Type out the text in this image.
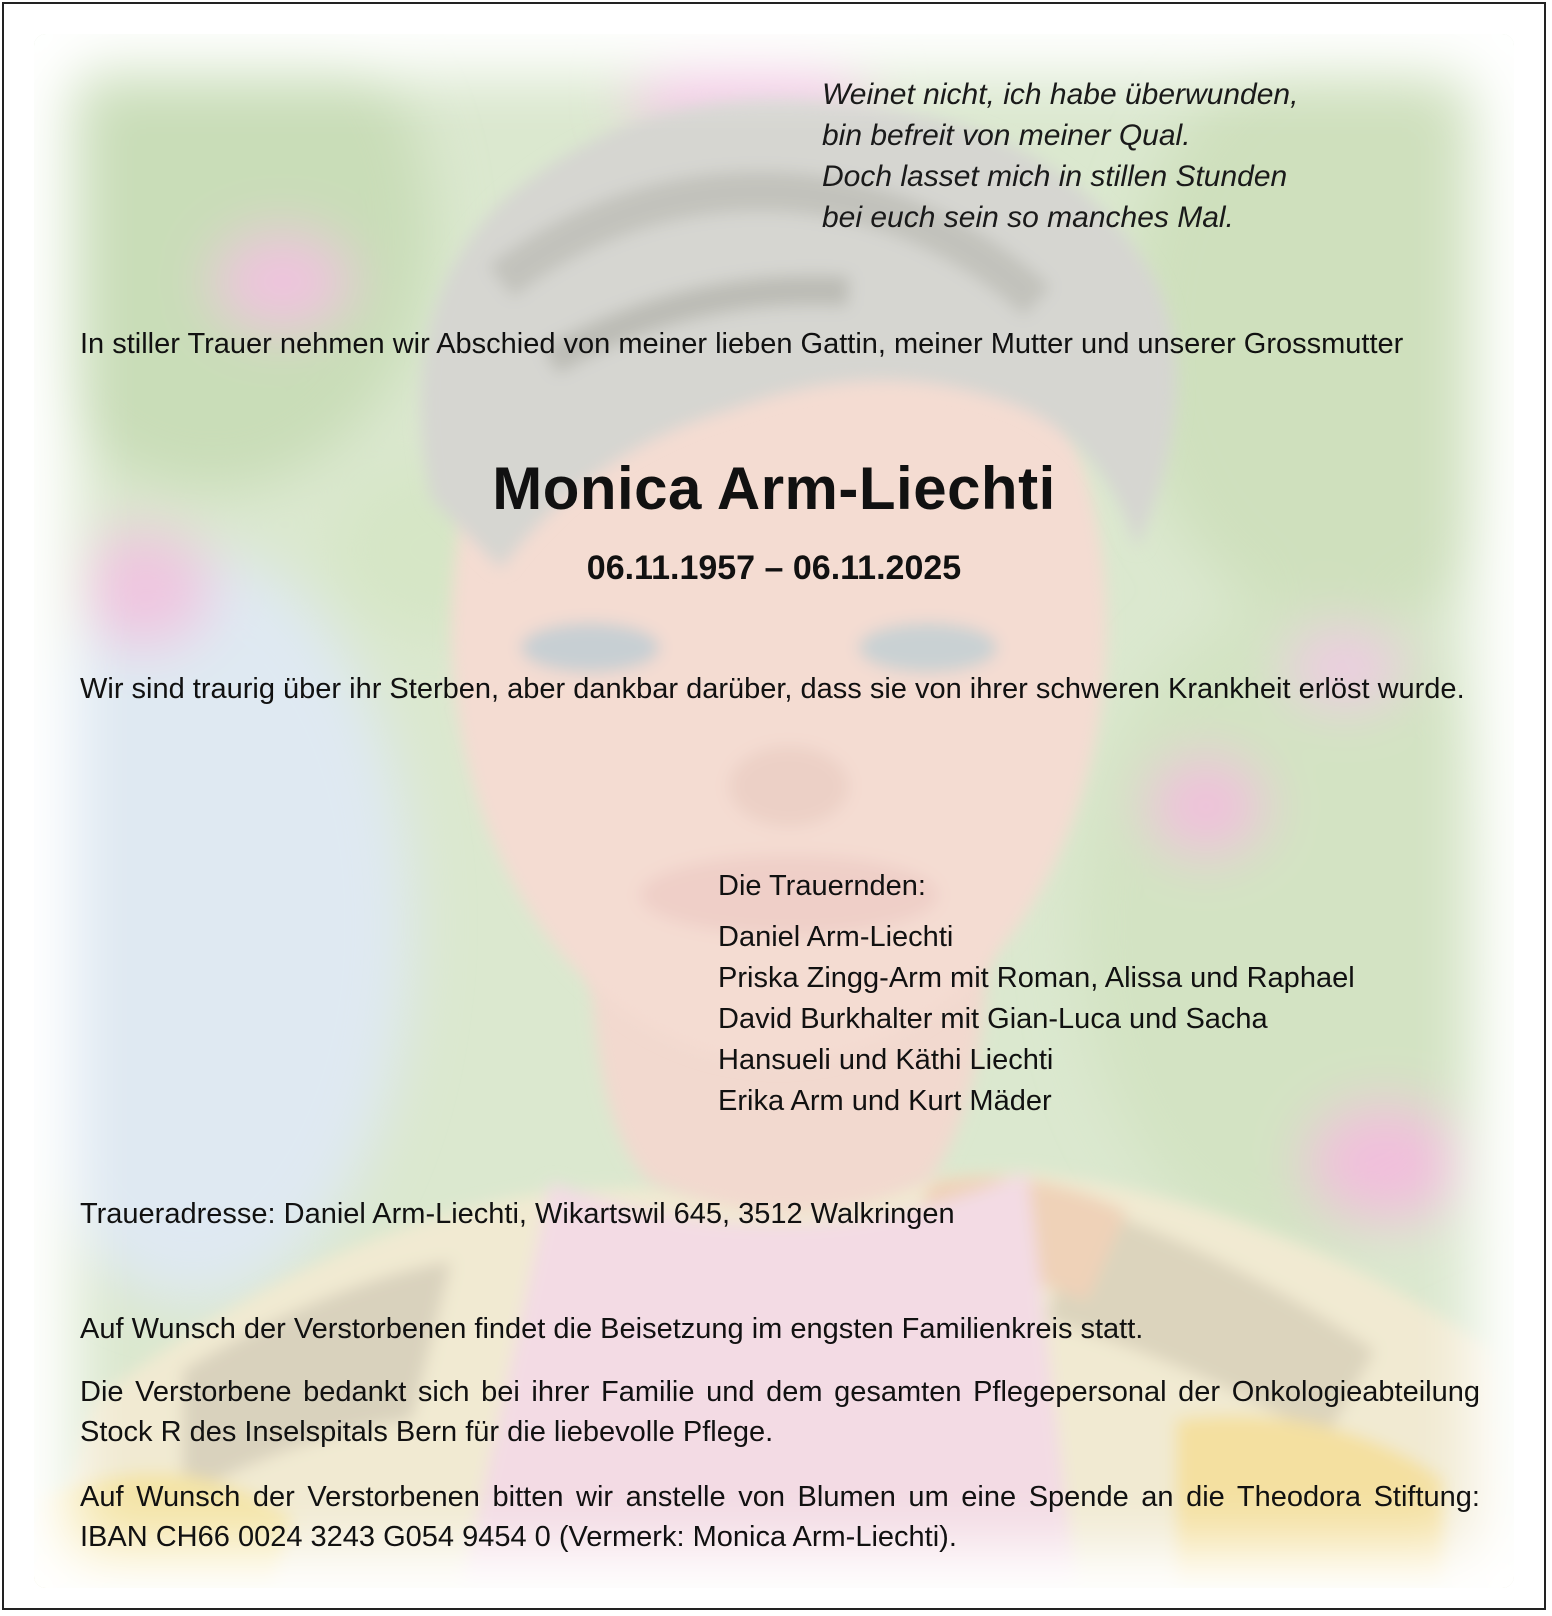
Weinet nicht, ich habe überwunden,
bin befreit von meiner Qual.
Doch lasset mich in stillen Stunden
bei euch sein so manches Mal.
In stiller Trauer nehmen wir Abschied von meiner lieben Gattin, meiner Mutter und unserer Grossmutter
Monica Arm-Liechti
06.11.1957 – 06.11.2025
Wir sind traurig über ihr Sterben, aber dankbar darüber, dass sie von ihrer schweren Krankheit erlöst wurde.
Die Trauernden:
Daniel Arm-Liechti
Priska Zingg-Arm mit Roman, Alissa und Raphael
David Burkhalter mit Gian-Luca und Sacha
Hansueli und Käthi Liechti
Erika Arm und Kurt Mäder
Traueradresse: Daniel Arm-Liechti, Wikartswil 645, 3512 Walkringen
Auf Wunsch der Verstorbenen findet die Beisetzung im engsten Familienkreis statt.
Die Verstorbene bedankt sich bei ihrer Familie und dem gesamten Pflegepersonal der Onkologieabteilung Stock R des Inselspitals Bern für die liebevolle Pflege.
Auf Wunsch der Verstorbenen bitten wir anstelle von Blumen um eine Spende an die Theodora Stiftung: IBAN CH66 0024 3243 G054 9454 0 (Vermerk: Monica Arm-Liechti).
